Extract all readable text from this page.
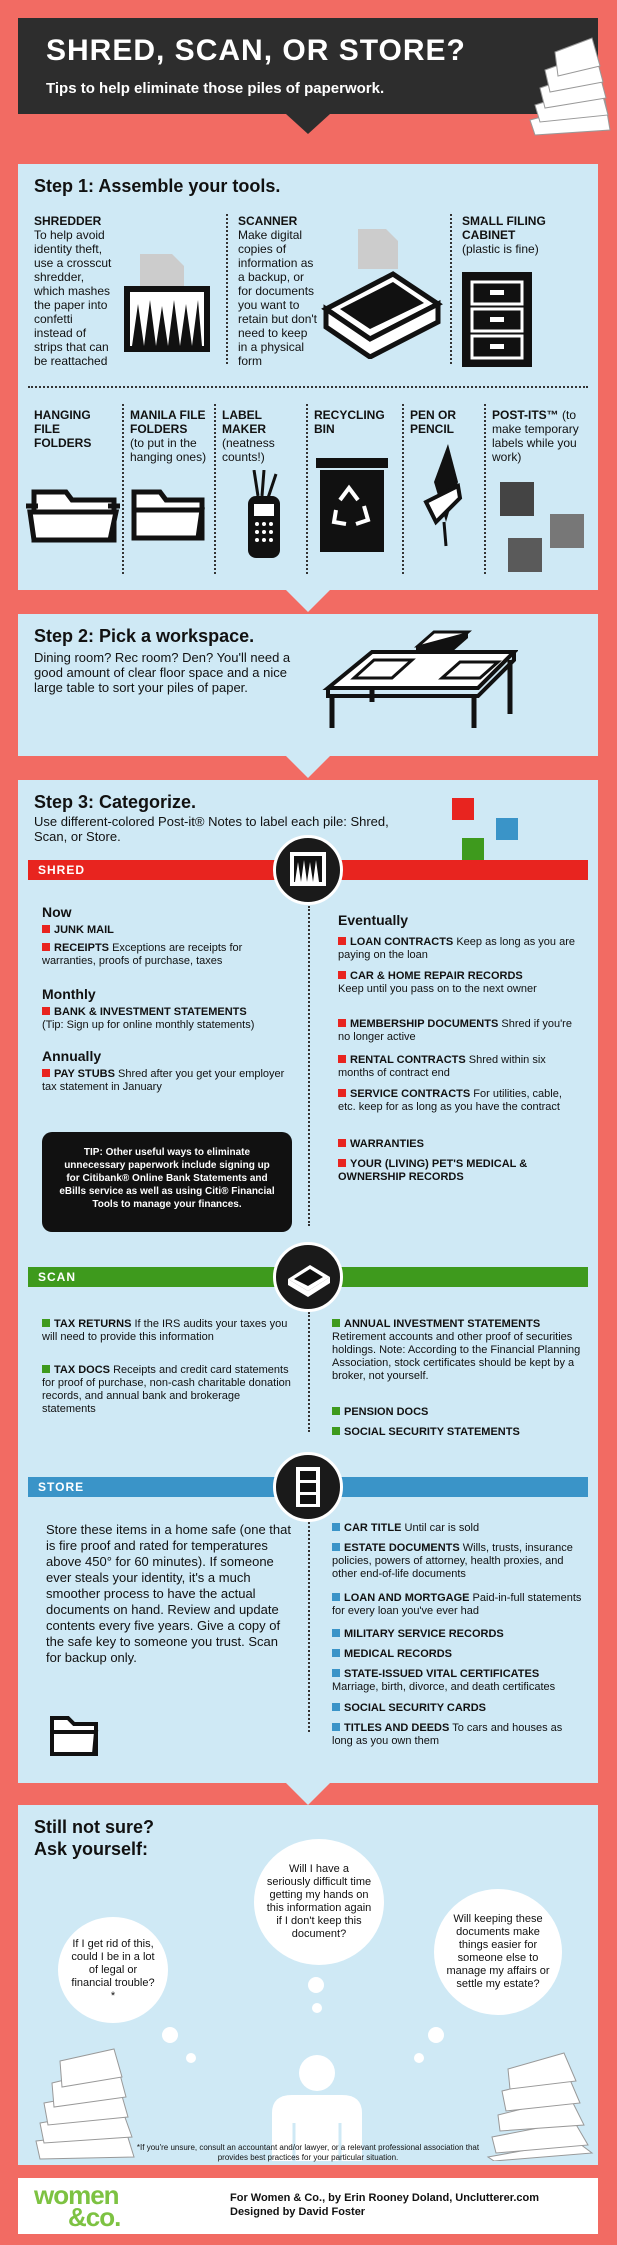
SHRED, SCAN, OR STORE?

Tips to help eliminate those piles of paperwork.

Step 1: Assemble your tools.
SHREDDER
To help avoid identity theft, use a crosscut shredder, which mashes the paper into confetti instead of strips that can be reattached
SCANNER
Make digital copies of information as a backup, or for documents you want to retain but don't need to keep in a physical form
SMALL FILING CABINET
(plastic is fine)
HANGING FILE FOLDERS
MANILA FILE FOLDERS
(to put in the hanging ones)
LABEL MAKER
(neatness counts!)
RECYCLING BIN
PEN OR PENCIL
POST-ITS™ (to make temporary labels while you work)
Step 2: Pick a workspace.
Dining room? Rec room? Den? You'll need a good amount of clear floor space and a nice large table to sort your piles of paper.
Step 3: Categorize.
Use different-colored Post-it® Notes to label each pile: Shred, Scan, or Store.
SHRED
Now
JUNK MAIL
RECEIPTS Exceptions are receipts for warranties, proofs of purchase, taxes
Monthly
BANK & INVESTMENT STATEMENTS
(Tip: Sign up for online monthly statements)
Annually
PAY STUBS Shred after you get your employer tax statement in January
TIP: Other useful ways to eliminate unnecessary paperwork include signing up for Citibank® Online Bank Statements and eBills service as well as using Citi® Financial Tools to manage your finances.
Eventually
LOAN CONTRACTS Keep as long as you are paying on the loan
CAR & HOME REPAIR RECORDS
Keep until you pass on to the next owner
MEMBERSHIP DOCUMENTS Shred if you're no longer active
RENTAL CONTRACTS Shred within six months of contract end
SERVICE CONTRACTS For utilities, cable, etc. keep for as long as you have the contract
WARRANTIES
YOUR (LIVING) PET'S MEDICAL & OWNERSHIP RECORDS
SCAN
TAX RETURNS If the IRS audits your taxes you will need to provide this information
TAX DOCS Receipts and credit card statements for proof of purchase, non-cash charitable donation records, and annual bank and brokerage statements
ANNUAL INVESTMENT STATEMENTS
Retirement accounts and other proof of securities holdings. Note: According to the Financial Planning Association, stock certificates should be kept by a broker, not yourself.
PENSION DOCS
SOCIAL SECURITY STATEMENTS
STORE
Store these items in a home safe (one that is fire proof and rated for temperatures above 450° for 60 minutes). If someone ever steals your identity, it's a much smoother process to have the actual documents on hand. Review and update contents every five years. Give a copy of the safe key to someone you trust. Scan for backup only.
CAR TITLE Until car is sold
ESTATE DOCUMENTS Wills, trusts, insurance policies, powers of attorney, health proxies, and other end-of-life documents
LOAN AND MORTGAGE Paid-in-full statements for every loan you've ever had
MILITARY SERVICE RECORDS
MEDICAL RECORDS
STATE-ISSUED VITAL CERTIFICATES
Marriage, birth, divorce, and death certificates
SOCIAL SECURITY CARDS
TITLES AND DEEDS To cars and houses as long as you own them
Still not sure?
Ask yourself:
If I get rid of this, could I be in a lot of legal or financial trouble?*
Will I have a seriously difficult time getting my hands on this information again if I don't keep this document?
Will keeping these documents make things easier for someone else to manage my affairs or settle my estate?
*If you're unsure, consult an accountant and/or lawyer, or a relevant professional association that provides best practices for your particular situation.
women
&co.
For Women & Co., by Erin Rooney Doland, Unclutterer.com
Designed by David Foster
